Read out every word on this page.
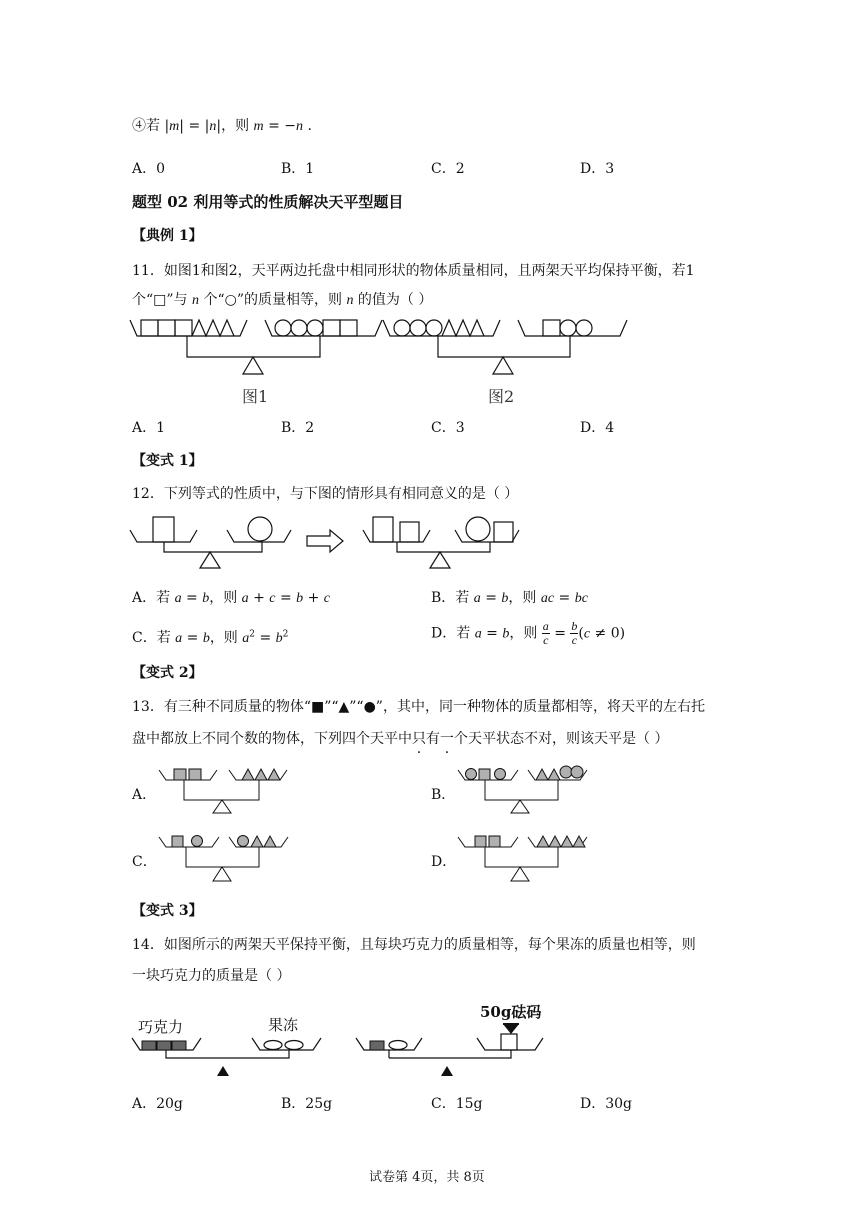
④若 |m| = |n|，则 m = −n .
A．0	B．1	C．2	D．3
题型 02 利用等式的性质解决天平型题目
【典例 1】
11．如图1和图2，天平两边托盘中相同形状的物体质量相同，且两架天平均保持平衡，若1
个“□”与 n 个“○”的质量相等，则 n 的值为（ ）
图1	图2
A．1	B．2	C．3	D．4
【变式 1】
12．下列等式的性质中，与下图的情形具有相同意义的是（ ）
A．若 a = b，则 a + c = b + c	B．若 a = b，则 ac = bc
C．若 a = b，则 $a^2 = b^2$	D．若 a = b，则 $\frac{a}{c} = \frac{b}{c} (c \ne 0)$
【变式 2】
13．有三种不同质量的物体“■”“▲”“●”，其中，同一种物体的质量都相等，将天平的左右托
盘中都放上不同个数的物体，下列四个天平中只有一个天平状态不对，则该天平是（ ）
A．	B．
C．	D．
【变式 3】
14．如图所示的两架天平保持平衡，且每块巧克力的质量相等，每个果冻的质量也相等，则
一块巧克力的质量是（ ）
巧克力	果冻
50g砝码
A．20g	B．25g	C．15g	D．30g
试卷第 4页，共 8页
